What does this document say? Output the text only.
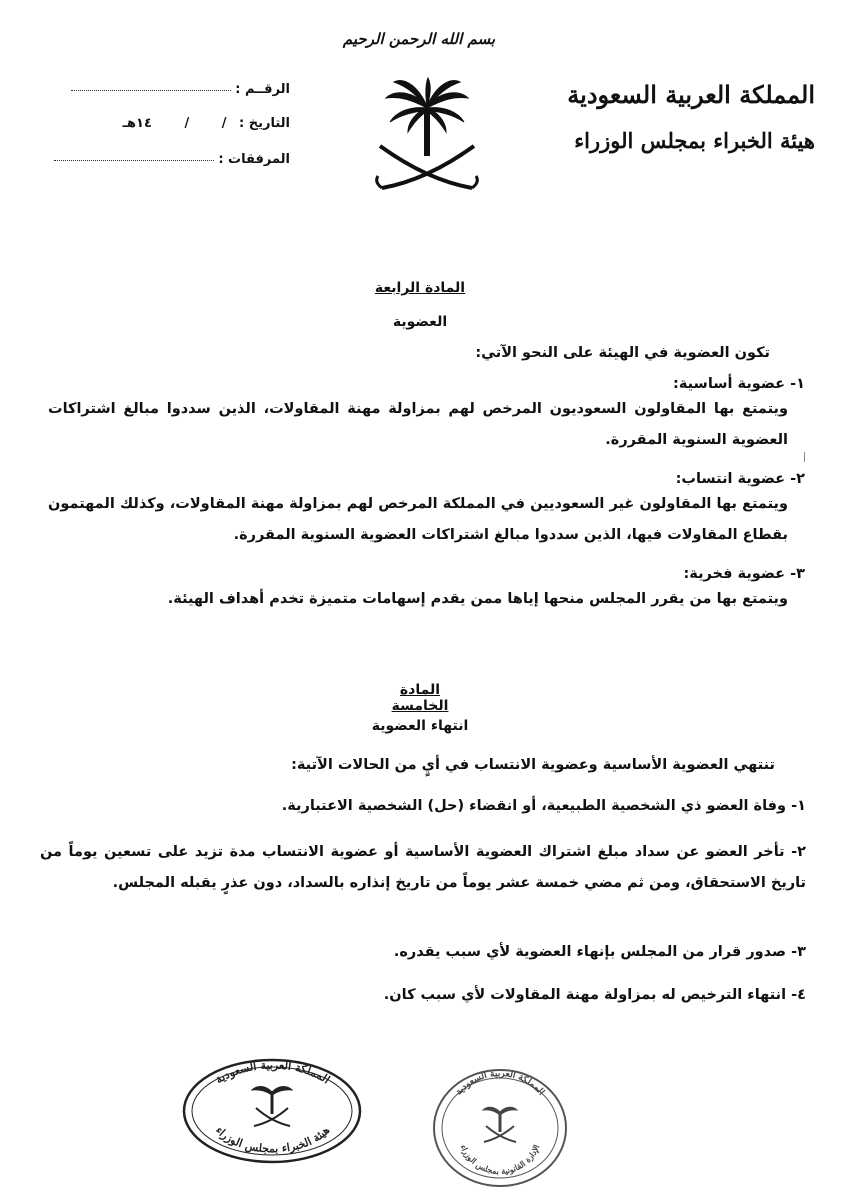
بسم الله الرحمن الرحيم
المملكة العربية السعودية
هيئة الخبراء بمجلس الوزراء
الرقــم :
التاريخ : / / ١٤هـ
المرفقات :
المادة الرابعة
العضوية
تكون العضوية في الهيئة على النحو الآتي:
١- عضوية أساسية:
ويتمتع بها المقاولون السعوديون المرخص لهم بمزاولة مهنة المقاولات، الذين سددوا مبالغ اشتراكات العضوية السنوية المقررة.
٢- عضوية انتساب:
ويتمتع بها المقاولون غير السعوديين في المملكة المرخص لهم بمزاولة مهنة المقاولات، وكذلك المهتمون بقطاع المقاولات فيها، الذين سددوا مبالغ اشتراكات العضوية السنوية المقررة.
٣- عضوية فخرية:
ويتمتع بها من يقرر المجلس منحها إياها ممن يقدم إسهامات متميزة تخدم أهداف الهيئة.
المادة الخامسة
انتهاء العضوية
تنتهي العضوية الأساسية وعضوية الانتساب في أيٍ من الحالات الآتية:
١- وفاة العضو ذي الشخصية الطبيعية، أو انقضاء (حل) الشخصية الاعتبارية.
٢- تأخر العضو عن سداد مبلغ اشتراك العضوية الأساسية أو عضوية الانتساب مدة تزيد على تسعين يوماً من تاريخ الاستحقاق، ومن ثم مضي خمسة عشر يوماً من تاريخ إنذاره بالسداد، دون عذرٍ يقبله المجلس.
٣- صدور قرار من المجلس بإنهاء العضوية لأي سبب يقدره.
٤- انتهاء الترخيص له بمزاولة مهنة المقاولات لأي سبب كان.
المملكة العربية السعودية
هيئة الخبراء بمجلس الوزراء
المملكة العربية السعودية
الإدارة القانونية بمجلس الوزراء
